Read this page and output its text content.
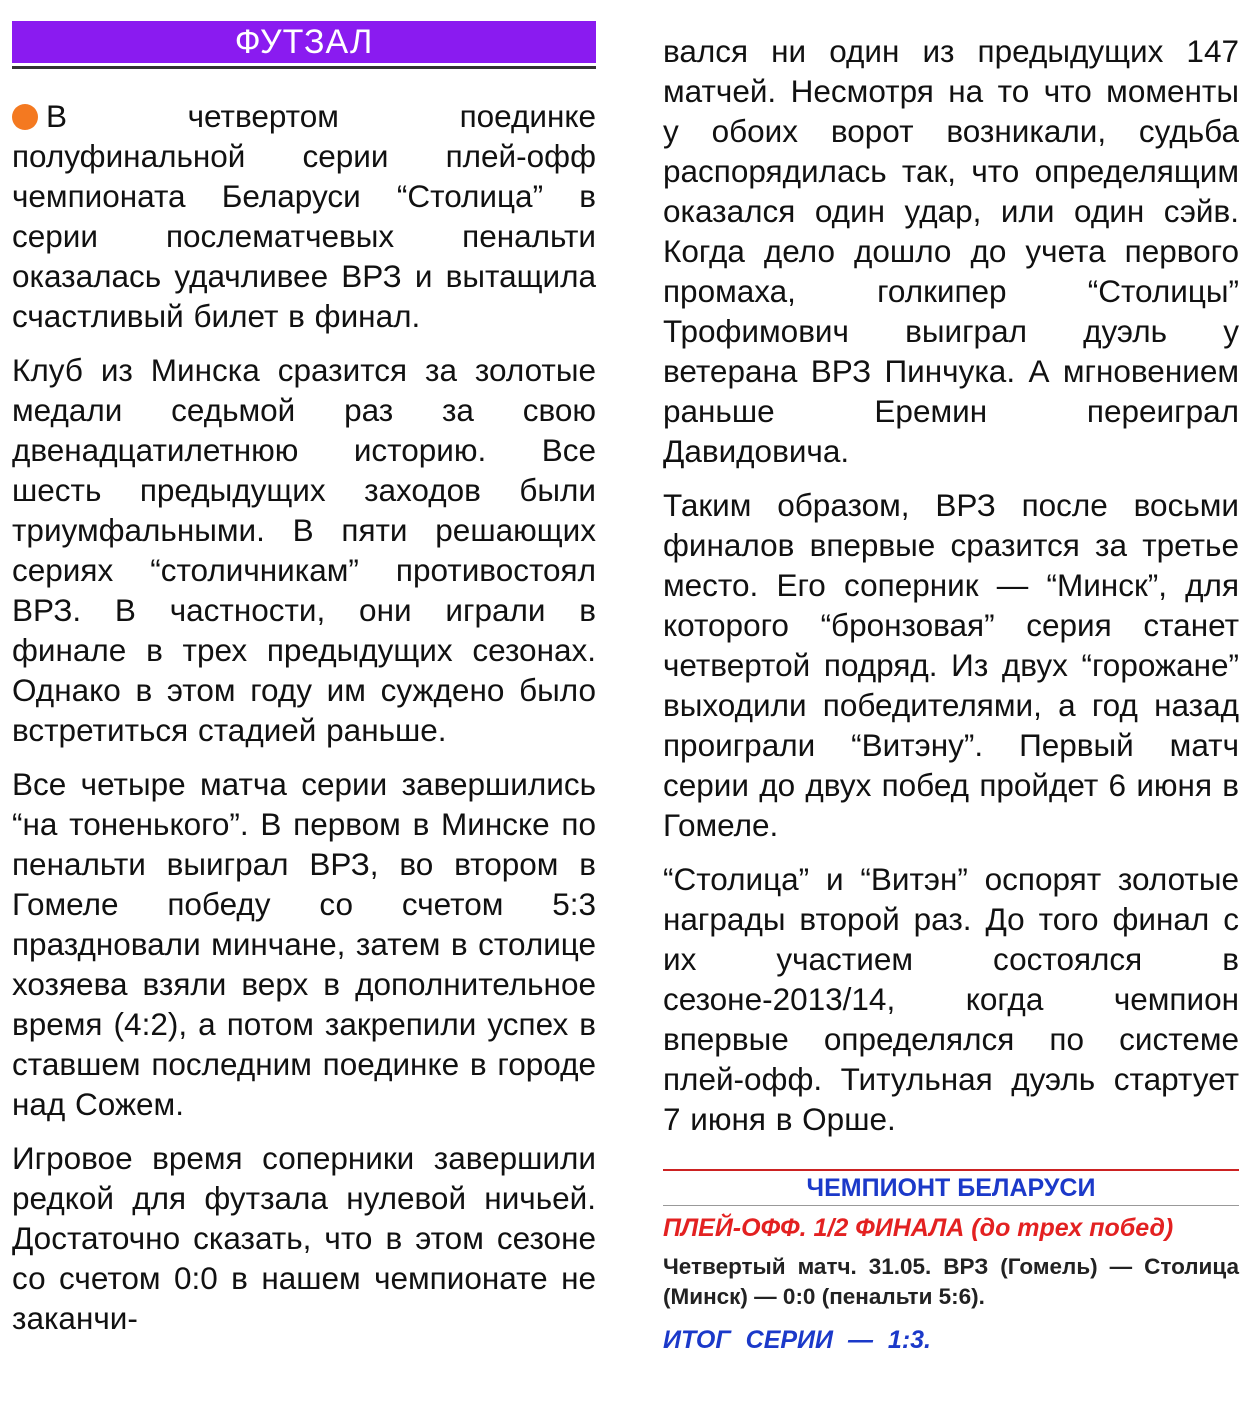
ФУТЗАЛ

В четвертом поединке полуфинальной серии плей-офф чемпионата Беларуси “Столица” в серии послематчевых пенальти оказалась удачливее ВРЗ и вытащила счастливый билет в финал.

Клуб из Минска сразится за золотые медали седьмой раз за свою двенадцатилетнюю историю. Все шесть предыдущих заходов были триумфальными. В пяти решающих сериях “столичникам” противостоял ВРЗ. В частности, они играли в финале в трех предыдущих сезонах. Однако в этом году им суждено было встретиться стадией раньше.

Все четыре матча серии завершились “на тоненького”. В первом в Минске по пенальти выиграл ВРЗ, во втором в Гомеле победу со счетом 5:3 праздновали минчане, затем в столице хозяева взяли верх в дополнительное время (4:2), а потом закрепили успех в ставшем последним поединке в городе над Сожем.

Игровое время соперники завершили редкой для футзала нулевой ничьей. Достаточно сказать, что в этом сезоне со счетом 0:0 в нашем чемпионате не заканчи-

вался ни один из предыдущих 147 матчей. Несмотря на то что моменты у обоих ворот возникали, судьба распорядилась так, что определящим оказался один удар, или один сэйв. Когда дело дошло до учета первого промаха, голкипер “Столицы” Трофимович выиграл дуэль у ветерана ВРЗ Пинчука. А мгновением раньше Еремин переиграл Давидовича.

Таким образом, ВРЗ после восьми финалов впервые сразится за третье место. Его соперник — “Минск”, для которого “бронзовая” серия станет четвертой подряд. Из двух “горожане” выходили победителями, а год назад проиграли “Витэну”. Первый матч серии до двух побед пройдет 6 июня в Гомеле.

“Столица” и “Витэн” оспорят золотые награды второй раз. До того финал с их участием состоялся в сезоне-2013/14, когда чемпион впервые определялся по системе плей-офф. Титульная дуэль стартует 7 июня в Орше.

ЧЕМПИОНТ БЕЛАРУСИ
ПЛЕЙ-ОФФ. 1/2 ФИНАЛА (до трех побед)
Четвертый матч. 31.05. ВРЗ (Гомель) — Столица (Минск) — 0:0 (пенальти 5:6).
ИТОГ СЕРИИ — 1:3.
